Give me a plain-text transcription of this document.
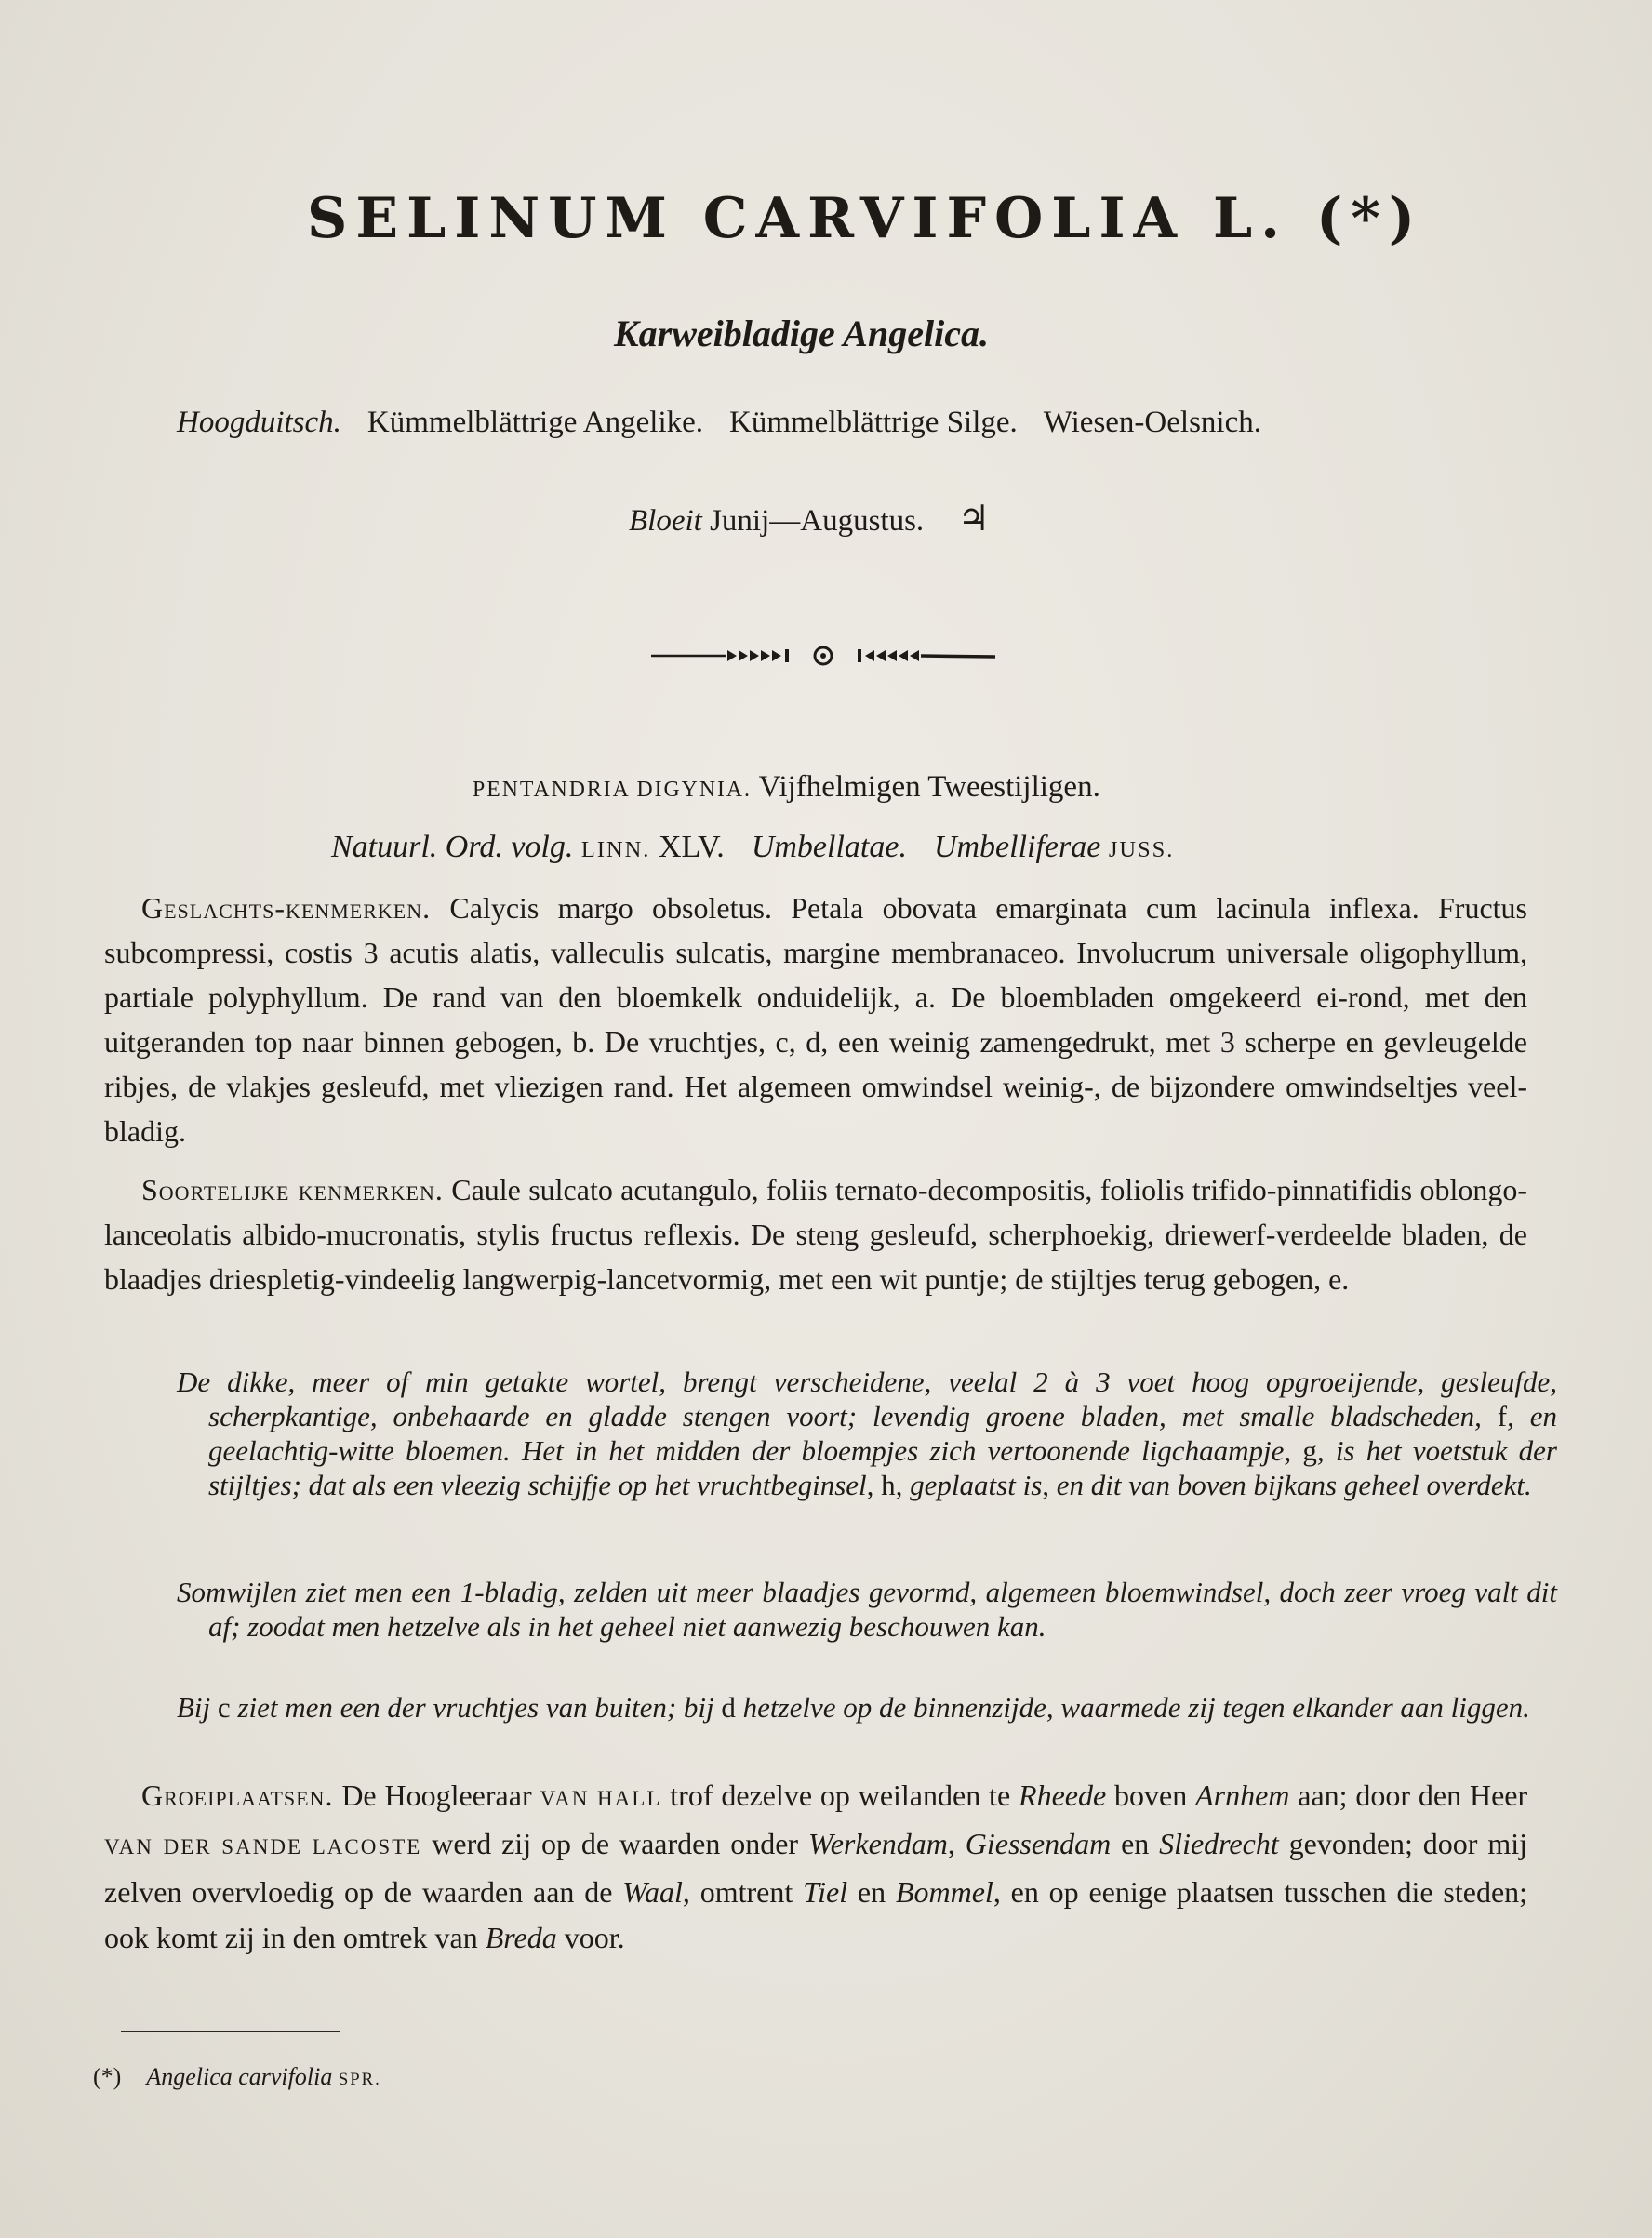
SELINUM CARVIFOLIA L. (*)
Karweibladige Angelica.
Hoogduitsch. Kümmelblättrige Angelike. Kümmelblättrige Silge. Wiesen-Oelsnich.
Bloeit Junij—Augustus. ♃
PENTANDRIA DIGYNIA. Vijfhelmigen Tweestijligen.
Natuurl. Ord. volg. LINN. XLV. Umbellatae. Umbelliferae JUSS.
Geslachts-kenmerken. Calycis margo obsoletus. Petala obovata emarginata cum lacinula inflexa. Fructus subcompressi, costis 3 acutis alatis, valleculis sulcatis, margine membranaceo. Involucrum universale oligophyllum, partiale polyphyllum. De rand van den bloemkelk onduidelijk, a. De bloembladen omgekeerd ei-rond, met den uitgeranden top naar binnen gebogen, b. De vruchtjes, c, d, een weinig zamengedrukt, met 3 scherpe en gevleugelde ribjes, de vlakjes gesleufd, met vliezigen rand. Het algemeen omwindsel weinig-, de bijzondere omwindseltjes veel-bladig.
Soortelijke kenmerken. Caule sulcato acutangulo, foliis ternato-decompositis, foliolis trifido-pinnatifidis oblongo-lanceolatis albido-mucronatis, stylis fructus reflexis. De steng gesleufd, scherphoekig, driewerf-verdeelde bladen, de blaadjes driespletig-vindeelig langwerpig-lancetvormig, met een wit puntje; de stijltjes terug gebogen, e.
De dikke, meer of min getakte wortel, brengt verscheidene, veelal 2 à 3 voet hoog opgroeijende, gesleufde, scherpkantige, onbehaarde en gladde stengen voort; levendig groene bladen, met smalle bladscheden, f, en geelachtig-witte bloemen. Het in het midden der bloempjes zich vertoonende ligchaampje, g, is het voetstuk der stijltjes; dat als een vleezig schijfje op het vruchtbeginsel, h, geplaatst is, en dit van boven bijkans geheel overdekt.
Somwijlen ziet men een 1-bladig, zelden uit meer blaadjes gevormd, algemeen bloemwindsel, doch zeer vroeg valt dit af; zoodat men hetzelve als in het geheel niet aanwezig beschouwen kan.
Bij c ziet men een der vruchtjes van buiten; bij d hetzelve op de binnenzijde, waarmede zij tegen elkander aan liggen.
Groeiplaatsen. De Hoogleeraar VAN HALL trof dezelve op weilanden te Rheede boven Arnhem aan; door den Heer VAN DER SANDE LACOSTE werd zij op de waarden onder Werkendam, Giessendam en Sliedrecht gevonden; door mij zelven overvloedig op de waarden aan de Waal, omtrent Tiel en Bommel, en op eenige plaatsen tusschen die steden; ook komt zij in den omtrek van Breda voor.
(*) Angelica carvifolia SPR.
